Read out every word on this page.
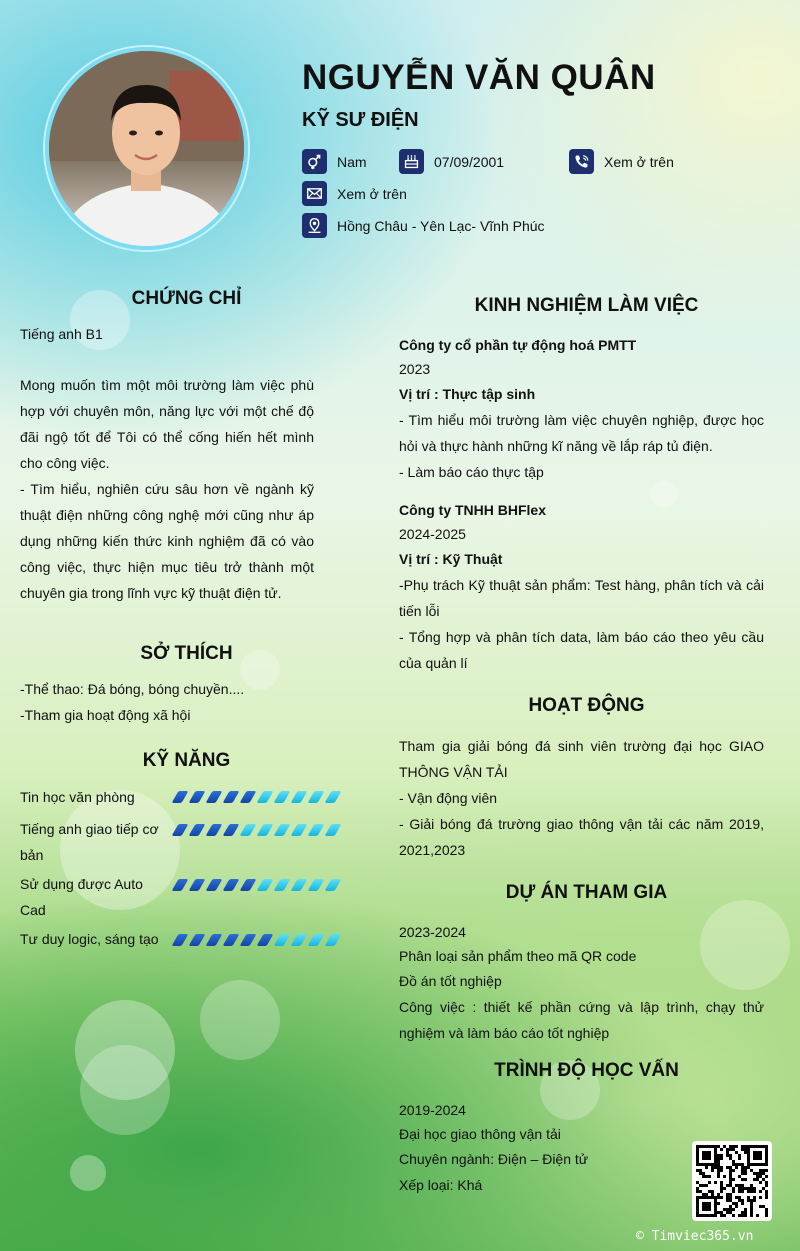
NGUYỄN VĂN QUÂN
KỸ SƯ ĐIỆN
Nam	07/09/2001	Xem ở trên
Xem ở trên
Hồng Châu - Yên Lạc- Vĩnh Phúc
CHỨNG CHỈ
Tiếng anh B1
Mong muốn tìm một môi trường làm việc phù hợp với chuyên môn, năng lực với một chế độ đãi ngộ tốt để Tôi có thể cống hiến hết mình cho công việc.
- Tìm hiểu, nghiên cứu sâu hơn về ngành kỹ thuật điện những công nghệ mới cũng như áp dụng những kiến thức kinh nghiệm đã có vào công việc, thực hiện mục tiêu trở thành một chuyên gia trong lĩnh vực kỹ thuật điện tử.
SỞ THÍCH
-Thể thao: Đá bóng, bóng chuyền....
-Tham gia hoạt động xã hội
KỸ NĂNG
Tin học văn phòng
Tiếng anh giao tiếp cơ bản
Sử dụng được Auto Cad
Tư duy logic, sáng tạo
KINH NGHIỆM LÀM VIỆC
Công ty cổ phần tự động hoá PMTT
2023
Vị trí : Thực tập sinh
- Tìm hiểu môi trường làm việc chuyên nghiệp, được học hỏi và thực hành những kĩ năng về lắp ráp tủ điện.
- Làm báo cáo thực tập
Công ty TNHH BHFlex
2024-2025
Vị trí : Kỹ Thuật
-Phụ trách Kỹ thuật sản phẩm: Test hàng, phân tích và cải tiến lỗi
- Tổng hợp và phân tích data, làm báo cáo theo yêu cầu của quản lí
HOẠT ĐỘNG
Tham gia giải bóng đá sinh viên trường đại học GIAO THÔNG VẬN TẢI
- Vận động viên
- Giải bóng đá trường giao thông vận tải các năm 2019, 2021,2023
DỰ ÁN THAM GIA
2023-2024
Phân loại sản phẩm theo mã QR code
Đồ án tốt nghiệp
Công việc : thiết kế phần cứng và lập trình, chạy thử nghiệm và làm báo cáo tốt nghiệp
TRÌNH ĐỘ HỌC VẤN
2019-2024
Đại học giao thông vận tải
Chuyên ngành: Điện – Điện tử
Xếp loại: Khá
© Timviec365.vn
